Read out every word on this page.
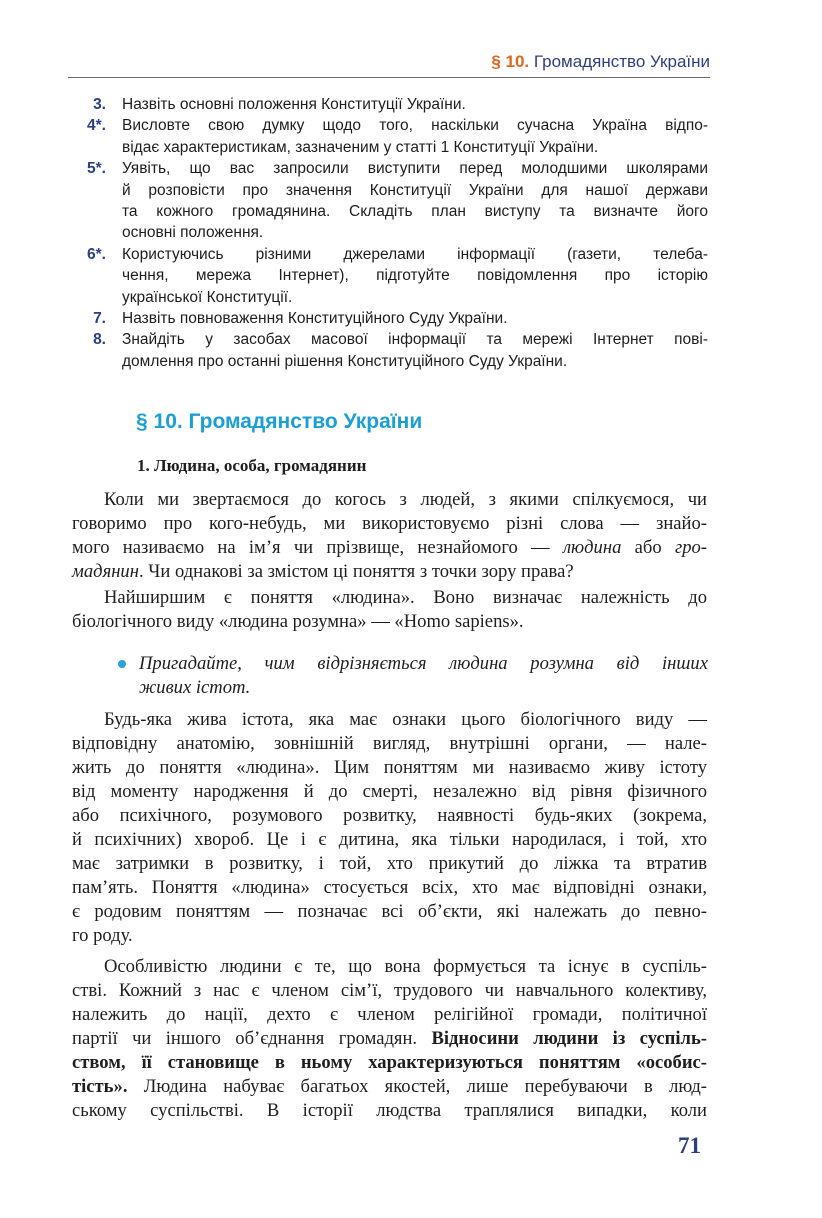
§ 10. Громадянство України
3.	Назвіть основні положення Конституції України.
4*.	Висловте свою думку щодо того, наскільки сучасна Україна відпо-
відає характеристикам, зазначеним у статті 1 Конституції України.
5*.	Уявіть, що вас запросили виступити перед молодшими школярами
й розповісти про значення Конституції України для нашої держави
та кожного громадянина. Складіть план виступу та визначте його
основні положення.
6*.	Користуючись різними джерелами інформації (газети, телеба-
чення, мережа Інтернет), підготуйте повідомлення про історію
української Конституції.
7.	Назвіть повноваження Конституційного Суду України.
8.	Знайдіть у засобах масової інформації та мережі Інтернет пові-
домлення про останні рішення Конституційного Суду України.
§ 10. Громадянство України
1. Людина, особа, громадянин
Коли ми звертаємося до когось з людей, з якими спілкуємося, чи
говоримо про кого-небудь, ми використовуємо різні слова — знайо-
мого називаємо на ім’я чи прізвище, незнайомого — людина або гро-
мадянин. Чи однакові за змістом ці поняття з точки зору права?
Найширшим є поняття «людина». Воно визначає належність до
біологічного виду «людина розумна» — «Homo sapiens».
Пригадайте, чим відрізняється людина розумна від інших
живих істот.
Будь-яка жива істота, яка має ознаки цього біологічного виду —
відповідну анатомію, зовнішній вигляд, внутрішні органи, — нале-
жить до поняття «людина». Цим поняттям ми називаємо живу істоту
від моменту народження й до смерті, незалежно від рівня фізичного
або психічного, розумового розвитку, наявності будь-яких (зокрема,
й психічних) хвороб. Це і є дитина, яка тільки народилася, і той, хто
має затримки в розвитку, і той, хто прикутий до ліжка та втратив
пам’ять. Поняття «людина» стосується всіх, хто має відповідні ознаки,
є родовим поняттям — позначає всі об’єкти, які належать до певно-
го роду.
Особливістю людини є те, що вона формується та існує в суспіль-
стві. Кожний з нас є членом сім’ї, трудового чи навчального колективу,
належить до нації, дехто є членом релігійної громади, політичної
партії чи іншого об’єднання громадян. Відносини людини із суспіль-
ством, її становище в ньому характеризуються поняттям «особис-
тість». Людина набуває багатьох якостей, лише перебуваючи в люд-
ському суспільстві. В історії людства траплялися випадки, коли
71
